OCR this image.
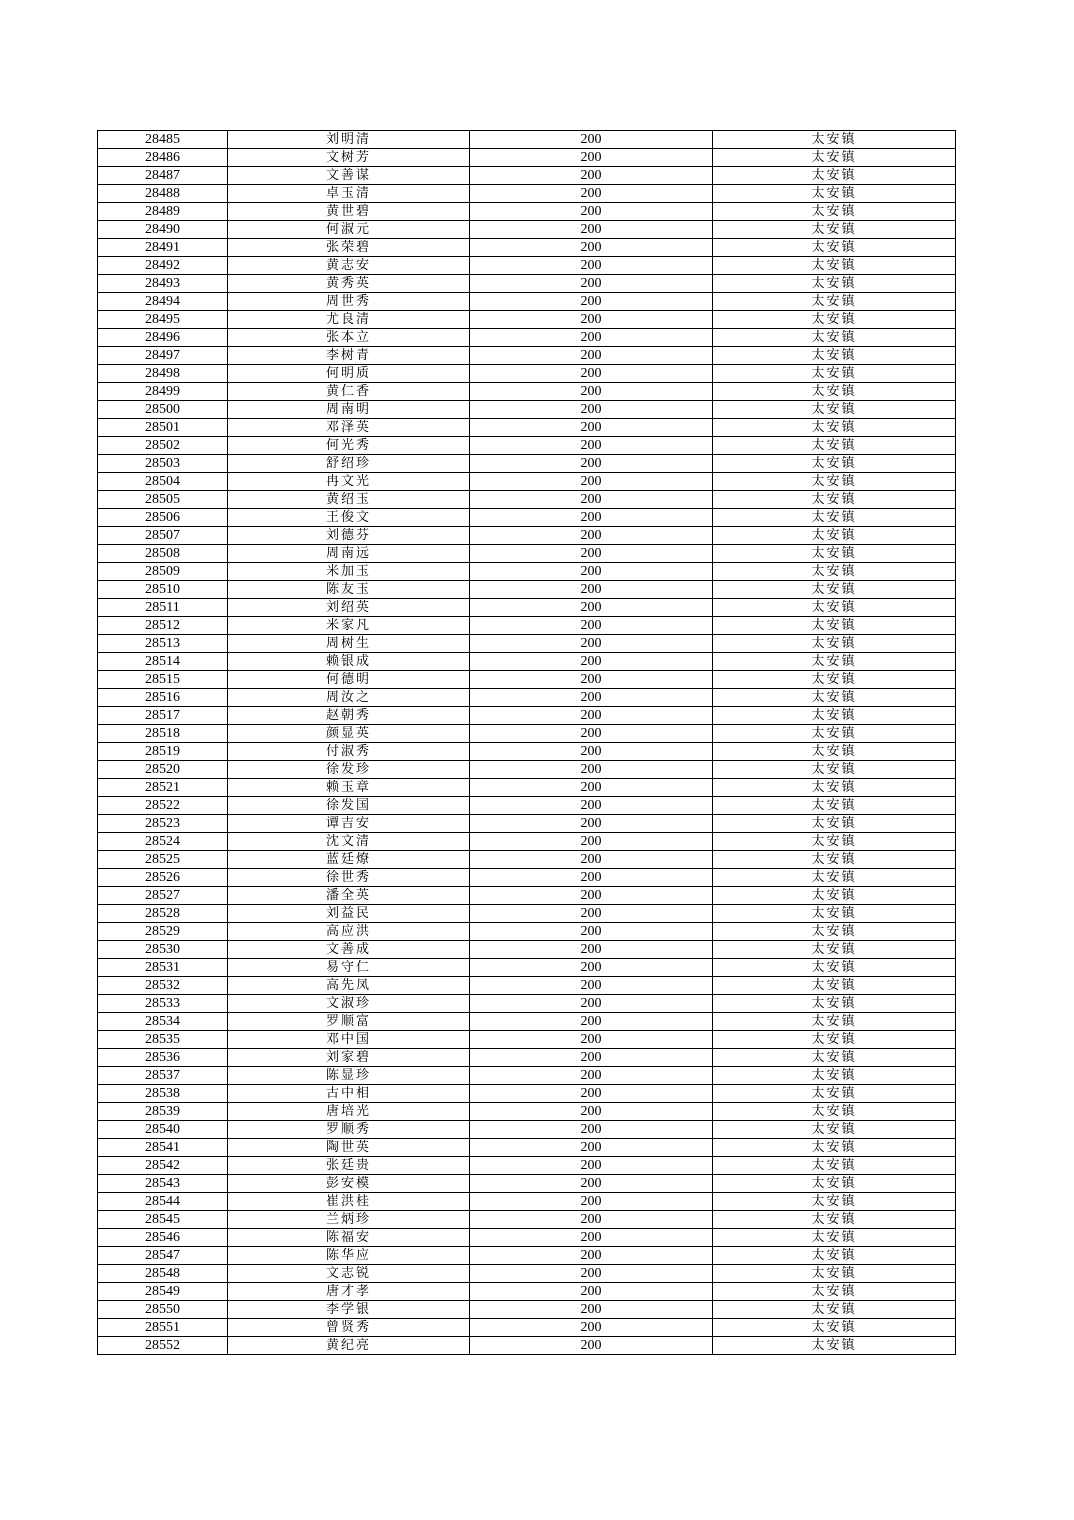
28485	刘明清	200	太安镇
28486	文树芳	200	太安镇
28487	文善谋	200	太安镇
28488	卓玉清	200	太安镇
28489	黄世碧	200	太安镇
28490	何淑元	200	太安镇
28491	张荣碧	200	太安镇
28492	黄志安	200	太安镇
28493	黄秀英	200	太安镇
28494	周世秀	200	太安镇
28495	尤良清	200	太安镇
28496	张本立	200	太安镇
28497	李树青	200	太安镇
28498	何明质	200	太安镇
28499	黄仁香	200	太安镇
28500	周南明	200	太安镇
28501	邓泽英	200	太安镇
28502	何光秀	200	太安镇
28503	舒绍珍	200	太安镇
28504	冉文光	200	太安镇
28505	黄绍玉	200	太安镇
28506	王俊文	200	太安镇
28507	刘德芬	200	太安镇
28508	周南远	200	太安镇
28509	米加玉	200	太安镇
28510	陈友玉	200	太安镇
28511	刘绍英	200	太安镇
28512	米家凡	200	太安镇
28513	周树生	200	太安镇
28514	赖银成	200	太安镇
28515	何德明	200	太安镇
28516	周汝之	200	太安镇
28517	赵朝秀	200	太安镇
28518	颜显英	200	太安镇
28519	付淑秀	200	太安镇
28520	徐发珍	200	太安镇
28521	赖玉章	200	太安镇
28522	徐发国	200	太安镇
28523	谭吉安	200	太安镇
28524	沈文清	200	太安镇
28525	蓝廷燎	200	太安镇
28526	徐世秀	200	太安镇
28527	潘全英	200	太安镇
28528	刘益民	200	太安镇
28529	高应洪	200	太安镇
28530	文善成	200	太安镇
28531	易守仁	200	太安镇
28532	高先凤	200	太安镇
28533	文淑珍	200	太安镇
28534	罗顺富	200	太安镇
28535	邓中国	200	太安镇
28536	刘家碧	200	太安镇
28537	陈显珍	200	太安镇
28538	古中相	200	太安镇
28539	唐培光	200	太安镇
28540	罗顺秀	200	太安镇
28541	陶世英	200	太安镇
28542	张廷贵	200	太安镇
28543	彭安模	200	太安镇
28544	崔洪桂	200	太安镇
28545	兰炳珍	200	太安镇
28546	陈福安	200	太安镇
28547	陈华应	200	太安镇
28548	文志锐	200	太安镇
28549	唐才孝	200	太安镇
28550	李学银	200	太安镇
28551	曾贤秀	200	太安镇
28552	黄纪亮	200	太安镇
